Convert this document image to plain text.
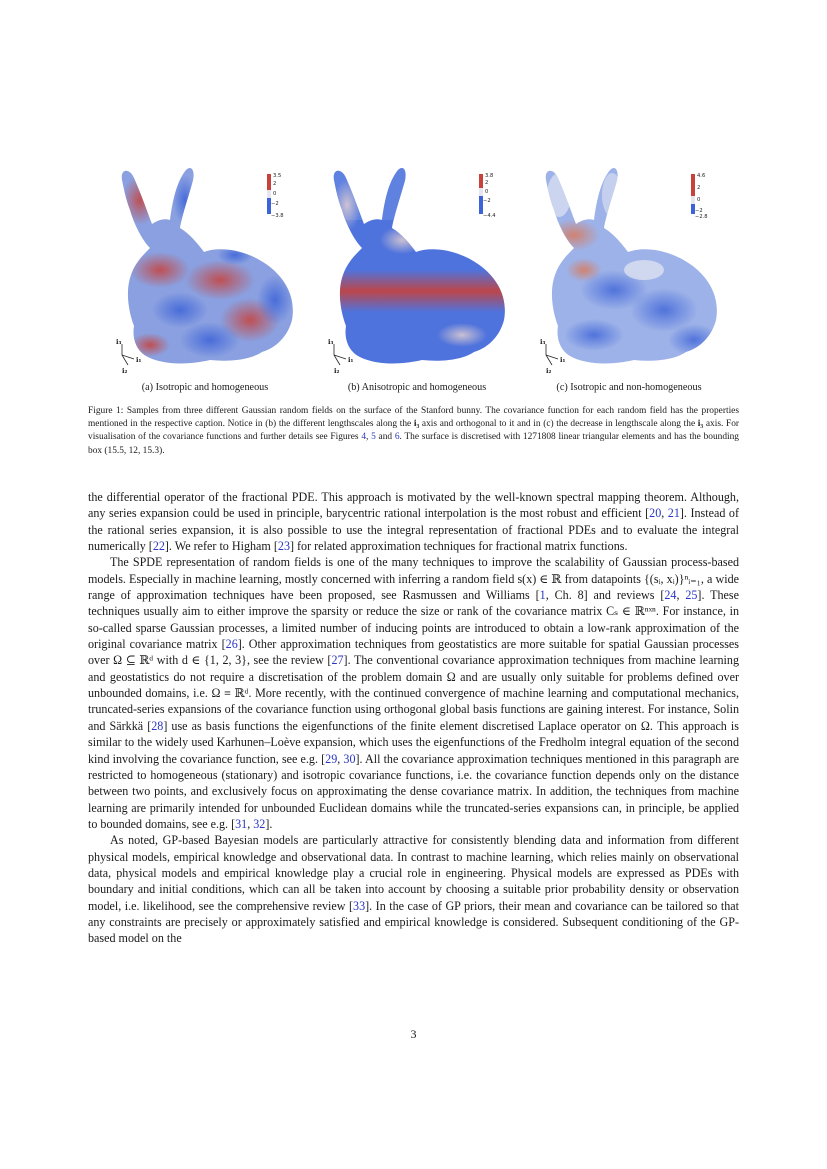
3.5
2
0
−2
−3.8
i₃
i₁
i₂
(a) Isotropic and homogeneous
3.8
2
0
−2
−4.4
i₃
i₁
i₂
(b) Anisotropic and homogeneous
4.6
2
0
−2
−2.8
i₃
i₁
i₂
(c) Isotropic and non-homogeneous
Figure 1: Samples from three different Gaussian random fields on the surface of the Stanford bunny. The covariance function for each random field has the properties mentioned in the respective caption. Notice in (b) the different lengthscales along the i₃ axis and orthogonal to it and in (c) the decrease in lengthscale along the i₃ axis. For visualisation of the covariance functions and further details see Figures 4, 5 and 6. The surface is discretised with 1271808 linear triangular elements and has the bounding box (15.5, 12, 15.3).

the differential operator of the fractional PDE. This approach is motivated by the well-known spectral mapping theorem. Although, any series expansion could be used in principle, barycentric rational interpolation is the most robust and efficient [20, 21]. Instead of the rational series expansion, it is also possible to use the integral representation of fractional PDEs and to evaluate the integral numerically [22]. We refer to Higham [23] for related approximation techniques for fractional matrix functions.

The SPDE representation of random fields is one of the many techniques to improve the scalability of Gaussian process-based models. Especially in machine learning, mostly concerned with inferring a random field s(x) ∈ ℝ from datapoints {(sᵢ, xᵢ)}ⁿᵢ₌₁, a wide range of approximation techniques have been proposed, see Rasmussen and Williams [1, Ch. 8] and reviews [24, 25]. These techniques usually aim to either improve the sparsity or reduce the size or rank of the covariance matrix Cₛ ∈ ℝⁿˣⁿ. For instance, in so-called sparse Gaussian processes, a limited number of inducing points are introduced to obtain a low-rank approximation of the original covariance matrix [26]. Other approximation techniques from geostatistics are more suitable for spatial Gaussian processes over Ω ⊆ ℝᵈ with d ∈ {1, 2, 3}, see the review [27]. The conventional covariance approximation techniques from machine learning and geostatistics do not require a discretisation of the problem domain Ω and are usually only suitable for problems defined over unbounded domains, i.e. Ω ≡ ℝᵈ. More recently, with the continued convergence of machine learning and computational mechanics, truncated-series expansions of the covariance function using orthogonal global basis functions are gaining interest. For instance, Solin and Särkkä [28] use as basis functions the eigenfunctions of the finite element discretised Laplace operator on Ω. This approach is similar to the widely used Karhunen–Loève expansion, which uses the eigenfunctions of the Fredholm integral equation of the second kind involving the covariance function, see e.g. [29, 30]. All the covariance approximation techniques mentioned in this paragraph are restricted to homogeneous (stationary) and isotropic covariance functions, i.e. the covariance function depends only on the distance between two points, and exclusively focus on approximating the dense covariance matrix. In addition, the techniques from machine learning are primarily intended for unbounded Euclidean domains while the truncated-series expansions can, in principle, be applied to bounded domains, see e.g. [31, 32].

As noted, GP-based Bayesian models are particularly attractive for consistently blending data and information from different physical models, empirical knowledge and observational data. In contrast to machine learning, which relies mainly on observational data, physical models and empirical knowledge play a crucial role in engineering. Physical models are expressed as PDEs with boundary and initial conditions, which can all be taken into account by choosing a suitable prior probability density or observation model, i.e. likelihood, see the comprehensive review [33]. In the case of GP priors, their mean and covariance can be tailored so that any constraints are precisely or approximately satisfied and empirical knowledge is considered. Subsequent conditioning of the GP-based model on the

3
